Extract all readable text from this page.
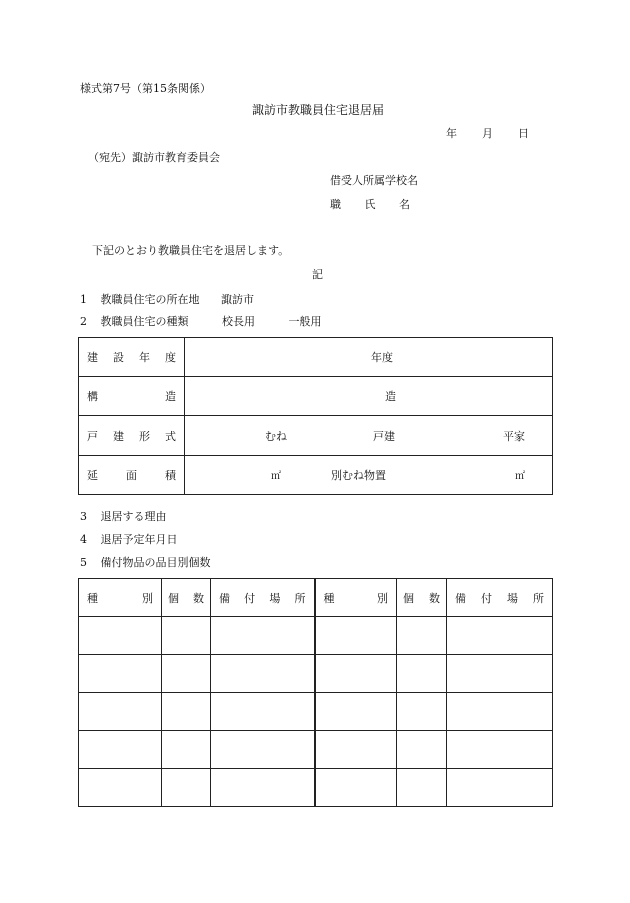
様式第7号（第15条関係）
諏訪市教職員住宅退居届
年 月 日
（宛先）諏訪市教育委員会
借受人所属学校名
職 氏 名
下記のとおり教職員住宅を退居します。
記
1 教職員住宅の所在地 諏訪市
2 教職員住宅の種類	校長用	一般用
建 設 年 度	年度

構 造	造

戸 建 形 式	むね 戸建 平家

延 面 積	㎡ 別むね物置 ㎡
3 退居する理由
4 退居予定年月日
5 備付物品の品目別個数
種 別	個 数	備 付 場 所	種 別	個 数	備 付 場 所
